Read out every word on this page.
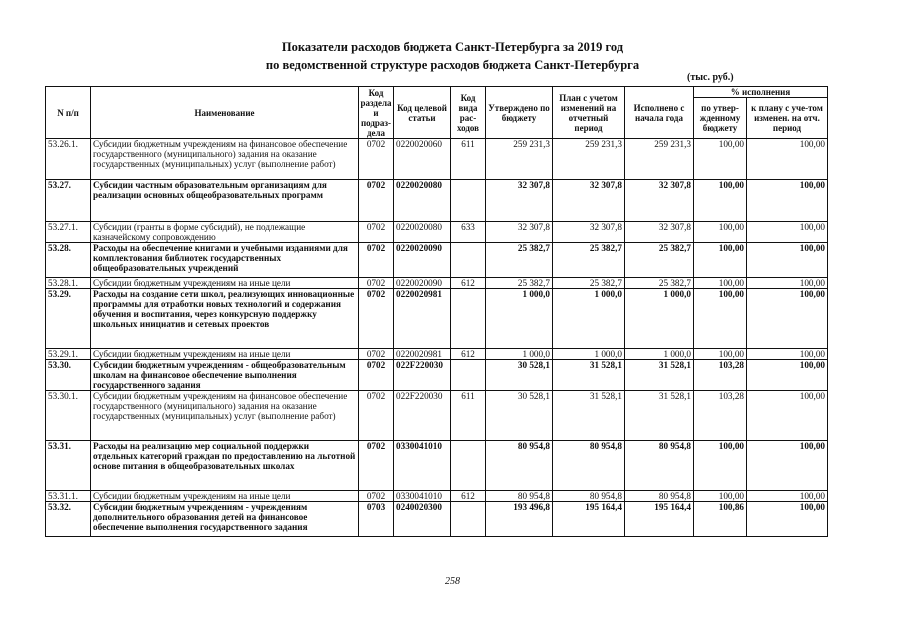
Показатели расходов бюджета Санкт-Петербурга за 2019 год
по ведомственной структуре расходов бюджета Санкт-Петербурга
(тыс. руб.)
N п/п	Наименование	Код раздела и подраз-дела	Код целевой статьи	Код вида рас-ходов	Утверждено по бюджету	План с учетом изменений на отчетный период	Исполнено с начала года	% исполнения	
								по утвер-жденному бюджету	к плану с уче-том изменен. на отч. период
53.26.1.	Субсидии бюджетным учреждениям на финансовое обеспечение государственного (муниципального) задания на оказание государственных (муниципальных) услуг (выполнение работ)	0702	0220020060	611	259 231,3	259 231,3	259 231,3	100,00	100,00
53.27.	Субсидии частным образовательным организациям для реализации основных общеобразовательных программ	0702	0220020080		32 307,8	32 307,8	32 307,8	100,00	100,00
53.27.1.	Субсидии (гранты в форме субсидий), не подлежащие казначейскому сопровождению	0702	0220020080	633	32 307,8	32 307,8	32 307,8	100,00	100,00
53.28.	Расходы на обеспечение книгами и учебными изданиями для комплектования библиотек государственных общеобразовательных учреждений	0702	0220020090		25 382,7	25 382,7	25 382,7	100,00	100,00
53.28.1.	Субсидии бюджетным учреждениям на иные цели	0702	0220020090	612	25 382,7	25 382,7	25 382,7	100,00	100,00
53.29.	Расходы на создание сети школ, реализующих инновационные программы для отработки новых технологий и содержания обучения и воспитания, через конкурсную поддержку школьных инициатив и сетевых проектов	0702	0220020981		1 000,0	1 000,0	1 000,0	100,00	100,00
53.29.1.	Субсидии бюджетным учреждениям на иные цели	0702	0220020981	612	1 000,0	1 000,0	1 000,0	100,00	100,00
53.30.	Субсидии бюджетным учреждениям - общеобразовательным школам на финансовое обеспечение выполнения государственного задания	0702	022F220030		30 528,1	31 528,1	31 528,1	103,28	100,00
53.30.1.	Субсидии бюджетным учреждениям на финансовое обеспечение государственного (муниципального) задания на оказание государственных (муниципальных) услуг (выполнение работ)	0702	022F220030	611	30 528,1	31 528,1	31 528,1	103,28	100,00
53.31.	Расходы на реализацию мер социальной поддержки отдельных категорий граждан по предоставлению на льготной основе питания в общеобразовательных школах	0702	0330041010		80 954,8	80 954,8	80 954,8	100,00	100,00
53.31.1.	Субсидии бюджетным учреждениям на иные цели	0702	0330041010	612	80 954,8	80 954,8	80 954,8	100,00	100,00
53.32.	Субсидии бюджетным учреждениям - учреждениям дополнительного образования детей на финансовое обеспечение выполнения государственного задания	0703	0240020300		193 496,8	195 164,4	195 164,4	100,86	100,00
258
